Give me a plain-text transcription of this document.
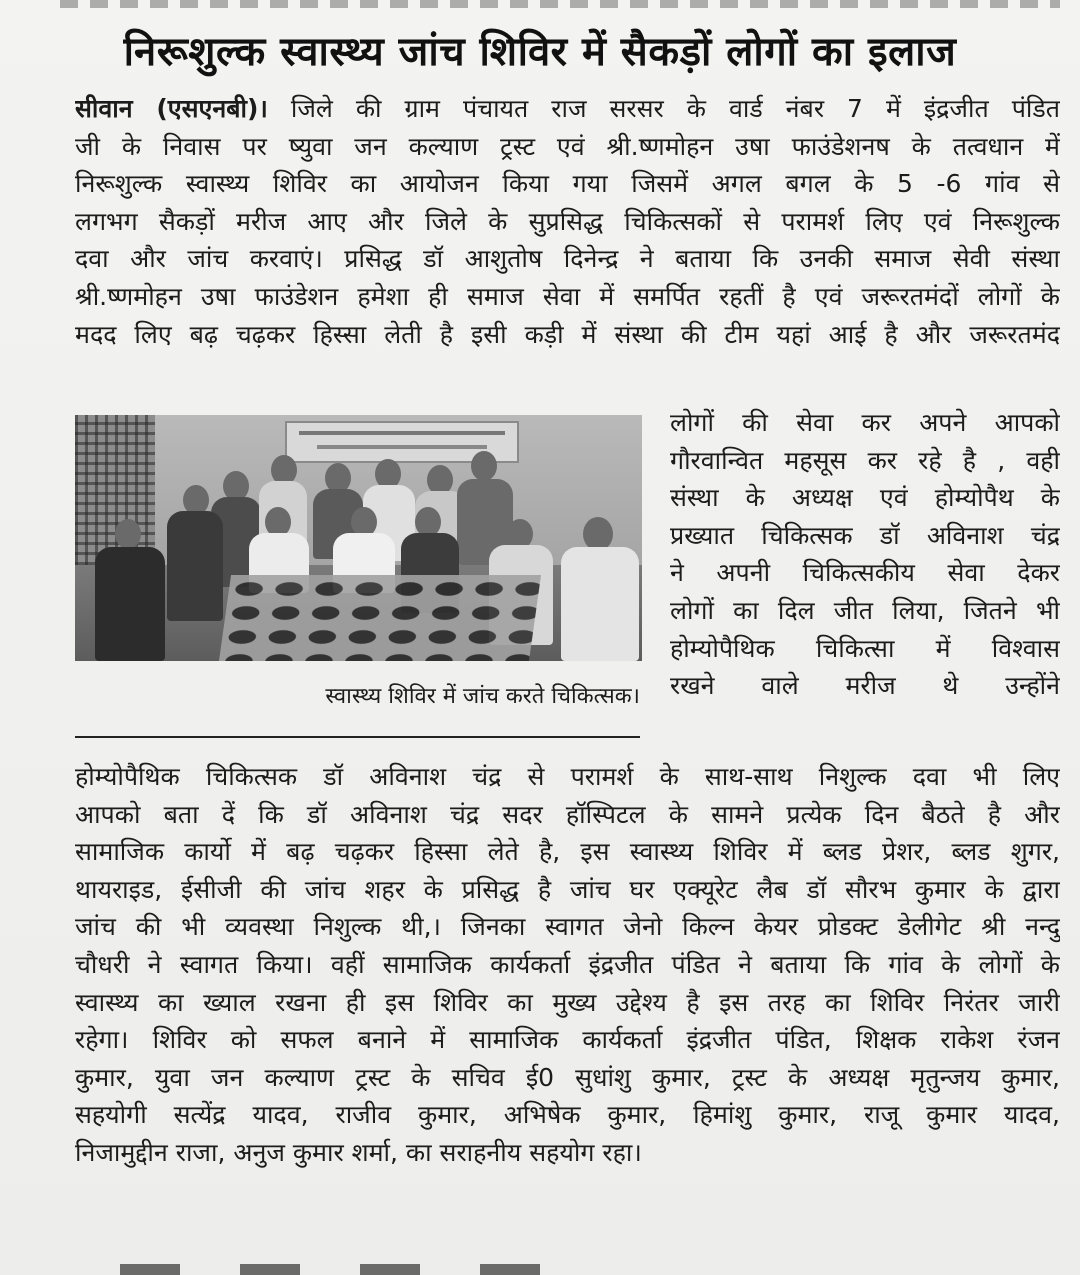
निरूशुल्क स्वास्थ्य जांच शिविर में सैकड़ों लोगों का इलाज
सीवान (एसएनबी)। जिले की ग्राम पंचायत राज सरसर के वार्ड नंबर 7 में इंद्रजीत पंडित
जी के निवास पर ष्युवा जन कल्याण ट्रस्ट एवं श्री.ष्णमोहन उषा फाउंडेशनष के तत्वधान में
निरूशुल्क स्वास्थ्य शिविर का आयोजन किया गया जिसमें अगल बगल के 5 -6 गांव से
लगभग सैकड़ों मरीज आए और जिले के सुप्रसिद्ध चिकित्सकों से परामर्श लिए एवं निरूशुल्क
दवा और जांच करवाएं। प्रसिद्ध डॉ आशुतोष दिनेन्द्र ने बताया कि उनकी समाज सेवी संस्था
श्री.ष्णमोहन उषा फाउंडेशन हमेशा ही समाज सेवा में समर्पित रहतीं है एवं जरूरतमंदों लोगों के
मदद लिए बढ़ चढ़कर हिस्सा लेती है इसी कड़ी में संस्था की टीम यहां आई है और जरूरतमंद
लोगों की सेवा कर अपने आपको
गौरवान्वित महसूस कर रहे है , वही
संस्था के अध्यक्ष एवं होम्योपैथ के
प्रख्यात चिकित्सक डॉ अविनाश चंद्र
ने अपनी चिकित्सकीय सेवा देकर
लोगों का दिल जीत लिया, जितने भी
होम्योपैथिक चिकित्सा में विश्वास
रखने वाले मरीज थे उन्होंने
स्वास्थ्य शिविर में जांच करते चिकित्सक।
होम्योपैथिक चिकित्सक डॉ अविनाश चंद्र से परामर्श के साथ-साथ निशुल्क दवा भी लिए
आपको बता दें कि डॉ अविनाश चंद्र सदर हॉस्पिटल के सामने प्रत्येक दिन बैठते है और
सामाजिक कार्यो में बढ़ चढ़कर हिस्सा लेते है, इस स्वास्थ्य शिविर में ब्लड प्रेशर, ब्लड शुगर,
थायराइड, ईसीजी की जांच शहर के प्रसिद्ध है जांच घर एक्यूरेट लैब डॉ सौरभ कुमार के द्वारा
जांच की भी व्यवस्था निशुल्क थी,। जिनका स्वागत जेनो किल्न केयर प्रोडक्ट डेलीगेट श्री नन्दु
चौधरी ने स्वागत किया। वहीं सामाजिक कार्यकर्ता इंद्रजीत पंडित ने बताया कि गांव के लोगों के
स्वास्थ्य का ख्याल रखना ही इस शिविर का मुख्य उद्देश्य है इस तरह का शिविर निरंतर जारी
रहेगा। शिविर को सफल बनाने में सामाजिक कार्यकर्ता इंद्रजीत पंडित, शिक्षक राकेश रंजन
कुमार, युवा जन कल्याण ट्रस्ट के सचिव ई0 सुधांशु कुमार, ट्रस्ट के अध्यक्ष मृतुन्जय कुमार,
सहयोगी सत्येंद्र यादव, राजीव कुमार, अभिषेक कुमार, हिमांशु कुमार, राजू कुमार यादव,
निजामुद्दीन राजा, अनुज कुमार शर्मा, का सराहनीय सहयोग रहा।
